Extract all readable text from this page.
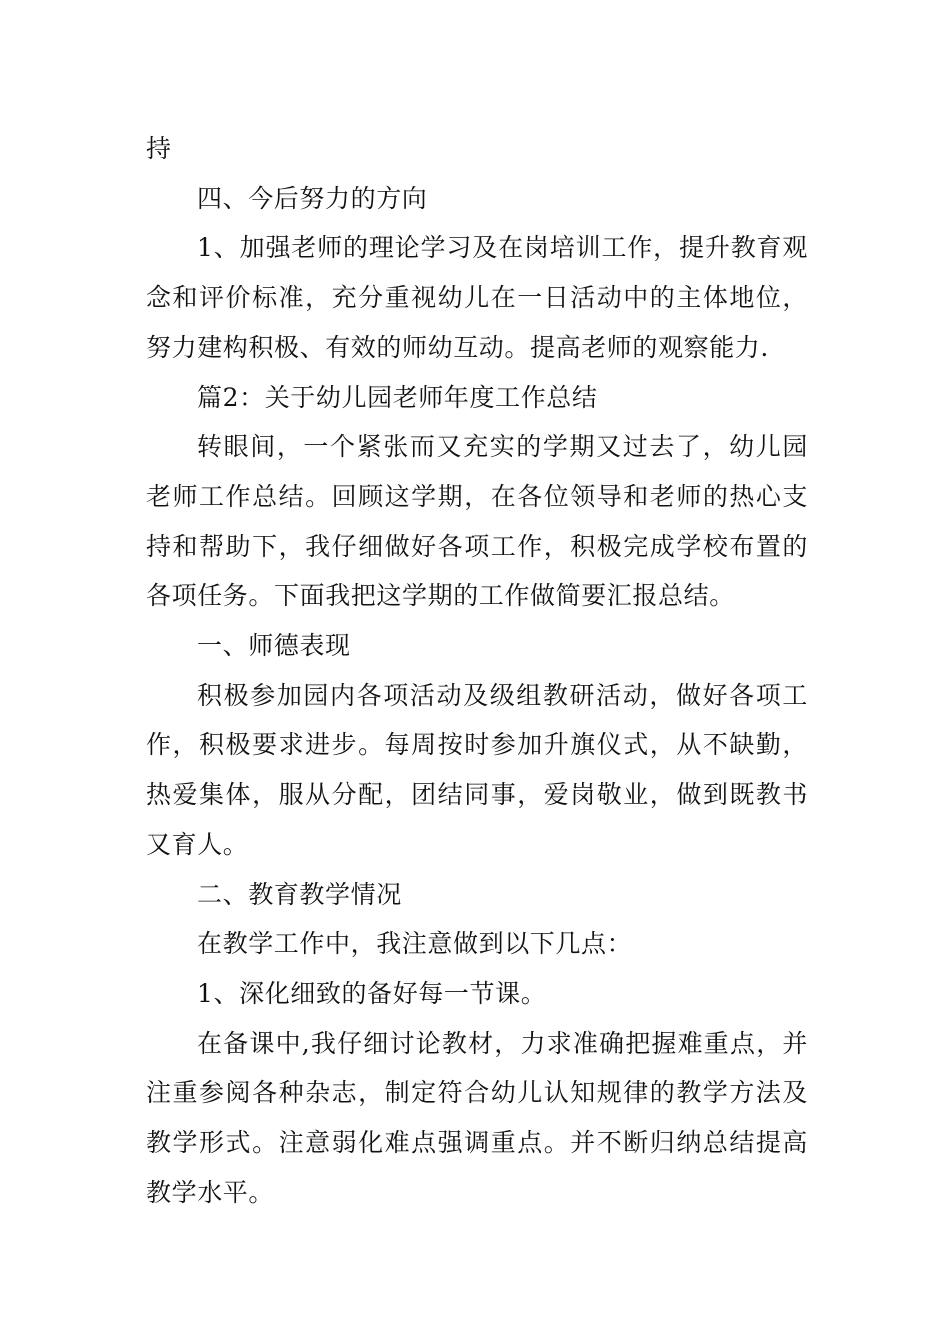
持

四、今后努力的方向

1、加强老师的理论学习及在岗培训工作，提升教育观念和评价标准，充分重视幼儿在一日活动中的主体地位，努力建构积极、有效的师幼互动。提高老师的观察能力.

篇2：关于幼儿园老师年度工作总结

转眼间，一个紧张而又充实的学期又过去了，幼儿园老师工作总结。回顾这学期，在各位领导和老师的热心支持和帮助下，我仔细做好各项工作，积极完成学校布置的各项任务。下面我把这学期的工作做简要汇报总结。

一、师德表现

积极参加园内各项活动及级组教研活动，做好各项工作，积极要求进步。每周按时参加升旗仪式，从不缺勤，热爱集体，服从分配，团结同事，爱岗敬业，做到既教书又育人。

二、教育教学情况

在教学工作中，我注意做到以下几点：

1、深化细致的备好每一节课。

在备课中,我仔细讨论教材，力求准确把握难重点，并注重参阅各种杂志，制定符合幼儿认知规律的教学方法及教学形式。注意弱化难点强调重点。并不断归纳总结提高教学水平。
